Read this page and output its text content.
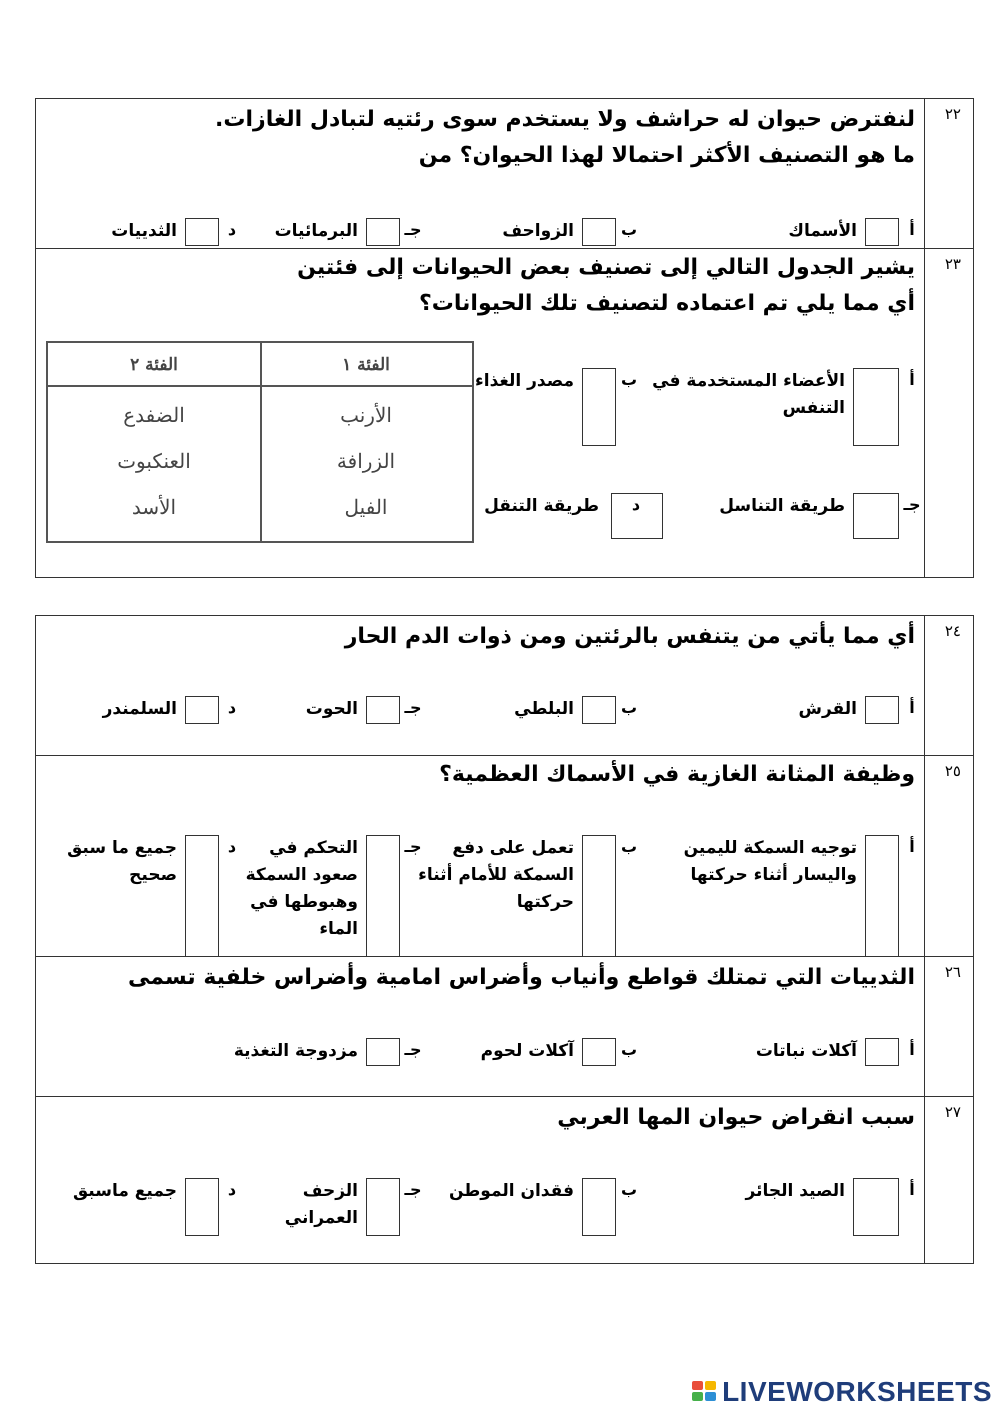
٢٢
لنفترض حيوان له حراشف ولا يستخدم سوى رئتيه لتبادل الغازات.
ما هو التصنيف الأكثر احتمالا لهذا الحيوان؟ من
أ
الأسماك
ب
الزواحف
جـ
البرمائيات
د
الثدييات
٢٣
يشير الجدول التالي إلى تصنيف بعض الحيوانات إلى فئتين
أي مما يلي تم اعتماده لتصنيف تلك الحيوانات؟
أ
الأعضاء المستخدمة في
التنفس
ب
مصدر الغذاء
جـ
طريقة التناسل
د
طريقة التنقل
الفئة ١
الفئة ٢
الأرنب
الزرافة
الفيل
الضفدع
العنكبوت
الأسد
٢٤
أي مما يأتي من يتنفس بالرئتين ومن ذوات الدم الحار
أ
القرش
ب
البلطي
جـ
الحوت
د
السلمندر
٢٥
وظيفة المثانة الغازية في الأسماك العظمية؟
أ
توجيه السمكة لليمين
واليسار أثناء حركتها
ب
تعمل على دفع
السمكة للأمام أثناء
حركتها
جـ
التحكم في
صعود السمكة
وهبوطها في
الماء
د
جميع ما سبق
صحيح
٢٦
الثدييات التي تمتلك قواطع وأنياب وأضراس امامية وأضراس خلفية تسمى
أ
آكلات نباتات
ب
آكلات لحوم
جـ
مزدوجة التغذية
٢٧
سبب انقراض حيوان المها العربي
أ
الصيد الجائر
ب
فقدان الموطن
جـ
الزحف
العمراني
د
جميع ماسبق
LIVEWORKSHEETS
